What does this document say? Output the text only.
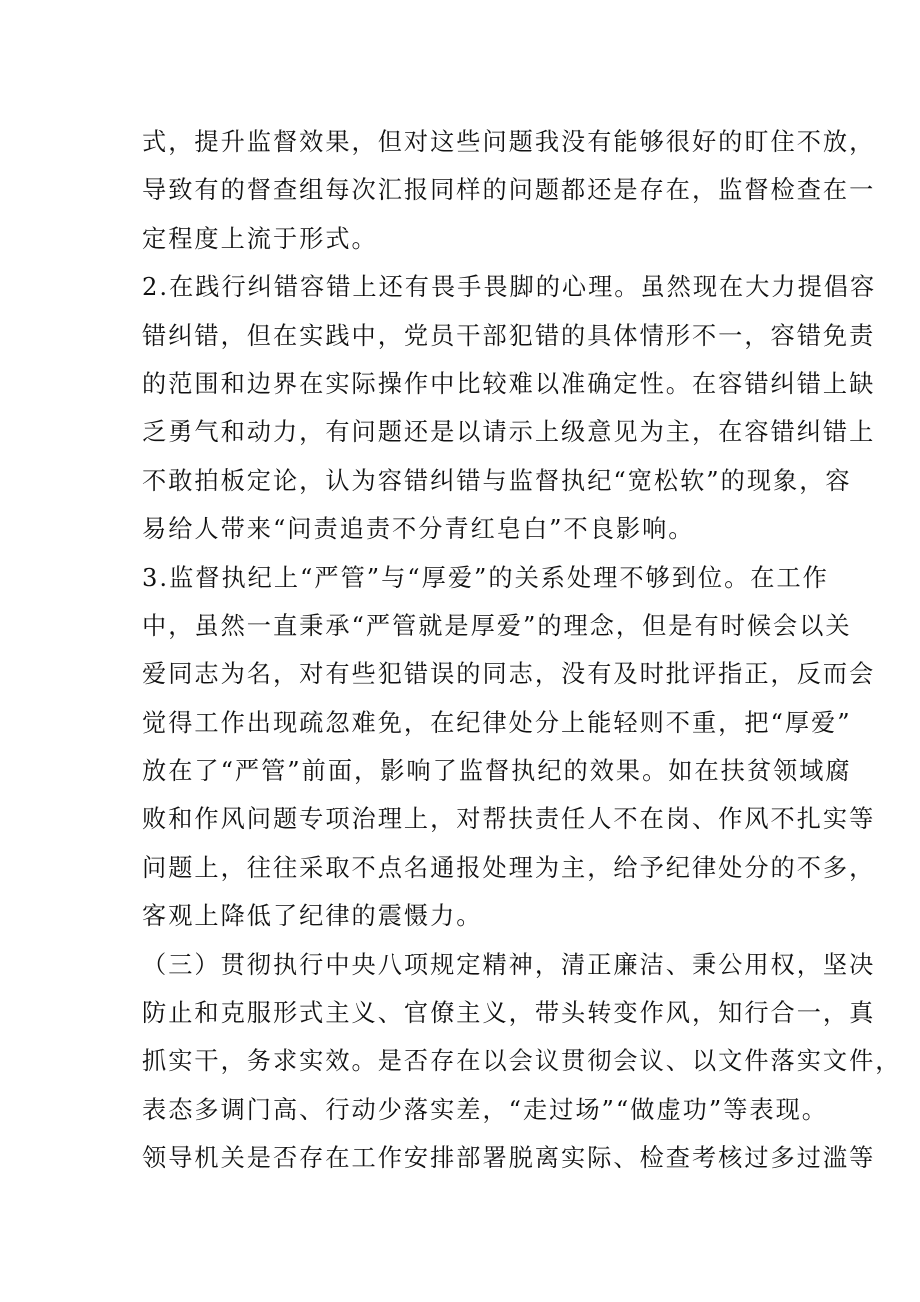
式，提升监督效果，但对这些问题我没有能够很好的盯住不放，

导致有的督查组每次汇报同样的问题都还是存在，监督检查在一

定程度上流于形式。

2.在践行纠错容错上还有畏手畏脚的心理。虽然现在大力提倡容

错纠错，但在实践中，党员干部犯错的具体情形不一，容错免责

的范围和边界在实际操作中比较难以准确定性。在容错纠错上缺

乏勇气和动力，有问题还是以请示上级意见为主，在容错纠错上

不敢拍板定论，认为容错纠错与监督执纪“宽松软”的现象，容

易给人带来“问责追责不分青红皂白”不良影响。

3.监督执纪上“严管”与“厚爱”的关系处理不够到位。在工作

中，虽然一直秉承“严管就是厚爱”的理念，但是有时候会以关

爱同志为名，对有些犯错误的同志，没有及时批评指正，反而会

觉得工作出现疏忽难免，在纪律处分上能轻则不重，把“厚爱”

放在了“严管”前面，影响了监督执纪的效果。如在扶贫领域腐

败和作风问题专项治理上，对帮扶责任人不在岗、作风不扎实等

问题上，往往采取不点名通报处理为主，给予纪律处分的不多，

客观上降低了纪律的震慑力。

（三）贯彻执行中央八项规定精神，清正廉洁、秉公用权，坚决

防止和克服形式主义、官僚主义，带头转变作风，知行合一，真

抓实干，务求实效。是否存在以会议贯彻会议、以文件落实文件，

表态多调门高、行动少落实差，“走过场”“做虚功”等表现。

领导机关是否存在工作安排部署脱离实际、检查考核过多过滥等
